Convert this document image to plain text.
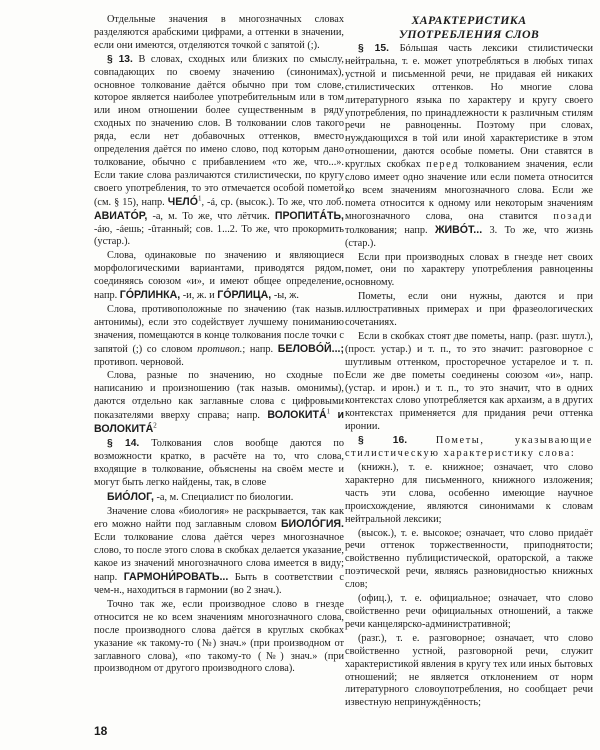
Отдельные значения в многозначных словах разделяются арабскими цифрами, а оттенки в значении, если они имеются, отделяются точкой с запятой (;).

§ 13. В словах, сходных или близких по смыслу, совпадающих по своему значению (синонимах), основное толкование даётся обычно при том слове, которое является наиболее употребительным или в том или ином отношении более существенным в ряду сходных по значению слов. В толковании слов такого ряда, если нет добавочных оттенков, вместо определения даётся по имено слово, под которым дано толкование, обычно с прибавлением «то же, что...». Если такие слова различаются стилистически, по кругу своего употребления, то это отмечается особой пометой (см. § 15), напр. ЧЕЛÓ$^1$, -á, ср. (высок.). То же, что лоб. АВИАТÓР, -а, м. То же, что лётчик. ПРОПИТÁТЬ, -áю, -áешь; -ûтанный; сов. 1...2. То же, что прокормить (устар.).

Слова, одинаковые по значению и являющиеся морфологическими вариантами, приводятся рядом, соединяясь союзом «и», и имеют общее определение, напр. ГÓРЛИНКА, -и, ж. и ГÓРЛИЦА, -ы, ж.

Слова, противоположные по значению (так назыв. антонимы), если это содействует лучшему пониманию значения, помещаются в конце толкования после точки с запятой (;) со словом противоп.; напр. БЕЛОВÓЙ...; противоп. черновой.

Слова, разные по значению, но сходные по написанию и произношению (так назыв. омонимы), даются отдельно как заглавные слова с цифровыми показателями вверху справа; напр. ВОЛОКИТÁ$^1$ и ВОЛОКИТÁ$^2$

§ 14. Толкования слов вообще даются по возможности кратко, в расчёте на то, что слова, входящие в толкование, объяснены на своём месте и могут быть легко найдены, так, в слове

БИÓЛОГ, -а, м. Специалист по биологии.

Значение слова «биология» не раскрывается, так как его можно найти под заглавным словом БИОЛÓГИЯ. Если толкование слова даётся через многозначное слово, то после этого слова в скобках делается указание, какое из значений многозначного слова имеется в виду; напр. ГАРМОНИ́РОВАТЬ... Быть в соответствии с чем-н., находиться в гармонии (во 2 знач.).

Точно так же, если производное слово в гнезде относится не ко всем значениям многозначного слова, после производного слова даётся в круглых скобках указание «к такому-то (№) знач.» (при производном от заглавного слова), «по такому-то (№) знач.» (при производном от другого производного слова).

ХАРАКТЕРИСТИКА
УПОТРЕБЛЕНИЯ СЛОВ

§ 15. Бóльшая часть лексики стилистически нейтральна, т. е. может употребляться в любых типах устной и письменной речи, не придавая ей никаких стилистических оттенков. Но многие слова литературного языка по характеру и кругу своего употребления, по принадлежности к различным стилям речи не равноценны. Поэтому при словах, нуждающихся в той или иной характеристике в этом отношении, даются особые пометы. Они ставятся в круглых скобках перед толкованием значения, если слово имеет одно значение или если помета относится ко всем значениям многозначного слова. Если же помета относится к одному или некоторым значениям многозначного слова, она ставится позади толкования; напр. ЖИВÓТ... 3. То же, что жизнь (стар.).

Если при производных словах в гнезде нет своих помет, они по характеру употребления равноценны основному.

Пометы, если они нужны, даются и при иллюстративных примерах и при фразеологических сочетаниях.

Если в скобках стоят две пометы, напр. (разг. шутл.), (прост. устар.) и т. п., то это значит: разговорное с шутливым оттенком, просторечное устарелое и т. п. Если же две пометы соединены союзом «и», напр. (устар. и ирон.) и т. п., то это значит, что в одних контекстах слово употребляется как архаизм, а в других контекстах применяется для придания речи оттенка иронии.

§ 16.	Пометы, указывающие стилистическую характеристику слова:

(книжн.), т. е. книжное; означает, что слово характерно для письменного, книжного изложения; часть эти слова, особенно имеющие научное происхождение, являются синонимами к словам нейтральной лексики;

(высок.), т. е. высокое; означает, что слово придаёт речи оттенок торжественности, приподнятости; свойственно публицистической, ораторской, а также поэтической речи, являясь разновидностью книжных слов;

(офиц.), т. е. официальное; означает, что слово свойственно речи официальных отношений, а также речи канцелярско-административной;

(разг.), т. е. разговорное; означает, что слово свойственно устной, разговорной речи, служит характеристикой явления в кругу тех или иных бытовых отношений; не является отклонением от норм литературного словоупотребления, но сообщает речи известную непринуждённость;

18
